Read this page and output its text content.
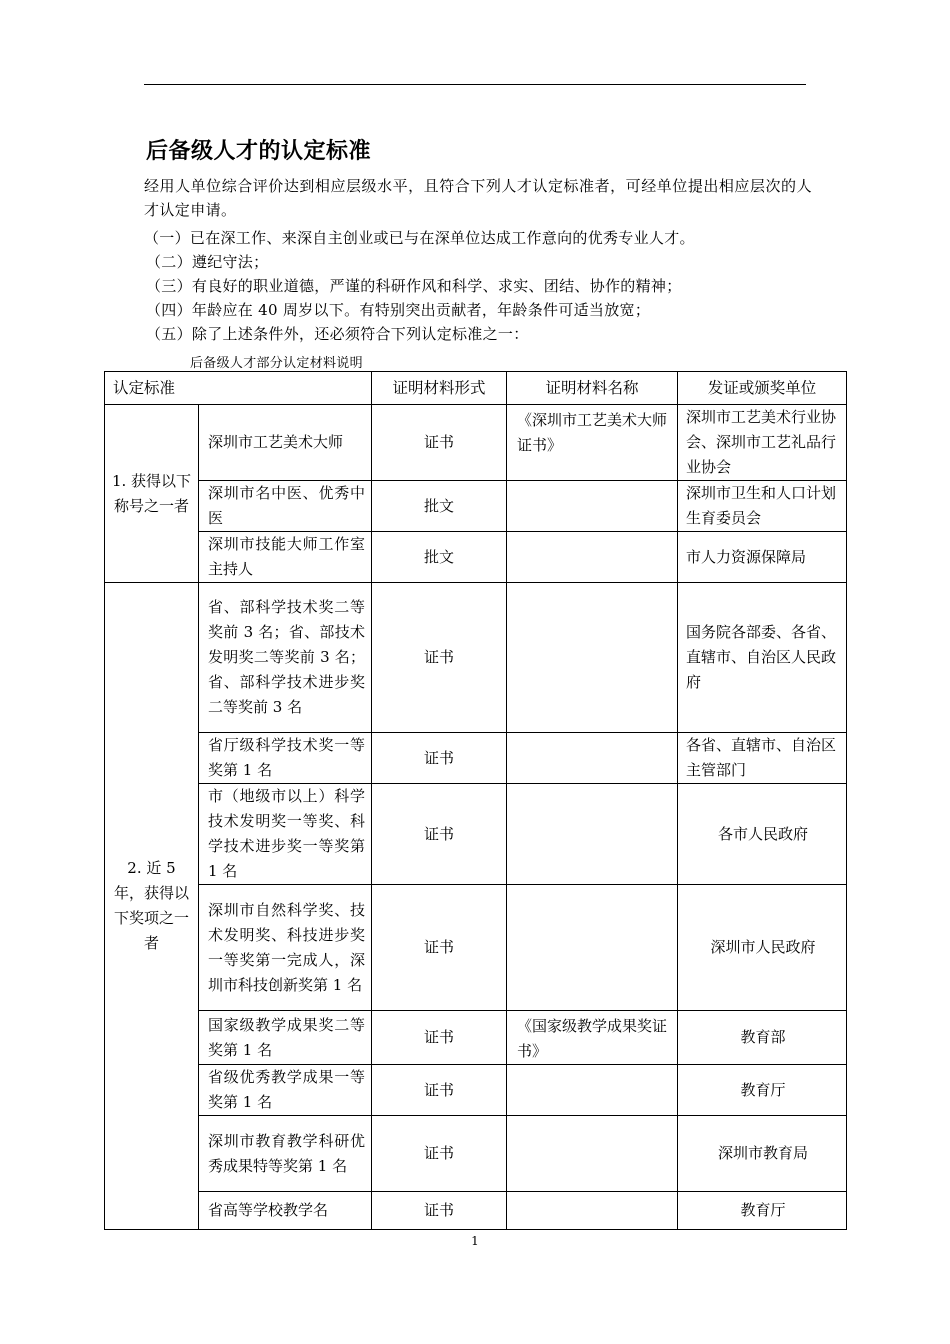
后备级人才的认定标准
经用人单位综合评价达到相应层级水平，且符合下列人才认定标准者，可经单位提出相应层次的人才认定申请。
（一）已在深工作、来深自主创业或已与在深单位达成工作意向的优秀专业人才。
（二）遵纪守法；
（三）有良好的职业道德，严谨的科研作风和科学、求实、团结、协作的精神；
（四）年龄应在 40 周岁以下。有特别突出贡献者，年龄条件可适当放宽；
（五）除了上述条件外，还必须符合下列认定标准之一：
后备级人才部分认定材料说明
认定标准		证明材料形式	证明材料名称	发证或颁奖单位
1. 获得以下称号之一者	深圳市工艺美术大师	证书	《深圳市工艺美术大师证书》	深圳市工艺美术行业协会、深圳市工艺礼品行业协会
	深圳市名中医、优秀中医	批文		深圳市卫生和人口计划生育委员会
	深圳市技能大师工作室主持人	批文		市人力资源保障局
2. 近 5 年，获得以下奖项之一者	省、部科学技术奖二等奖前 3 名；省、部技术发明奖二等奖前 3 名；省、部科学技术进步奖二等奖前 3 名	证书		国务院各部委、各省、直辖市、自治区人民政府
	省厅级科学技术奖一等奖第 1 名	证书		各省、直辖市、自治区主管部门
	市（地级市以上）科学技术发明奖一等奖、科学技术进步奖一等奖第 1 名	证书		各市人民政府
	深圳市自然科学奖、技术发明奖、科技进步奖一等奖第一完成人，深圳市科技创新奖第 1 名	证书		深圳市人民政府
	国家级教学成果奖二等奖第 1 名	证书	《国家级教学成果奖证书》	教育部
	省级优秀教学成果一等奖第 1 名	证书		教育厅
	深圳市教育教学科研优秀成果特等奖第 1 名	证书		深圳市教育局
	省高等学校教学名	证书		教育厅
1
